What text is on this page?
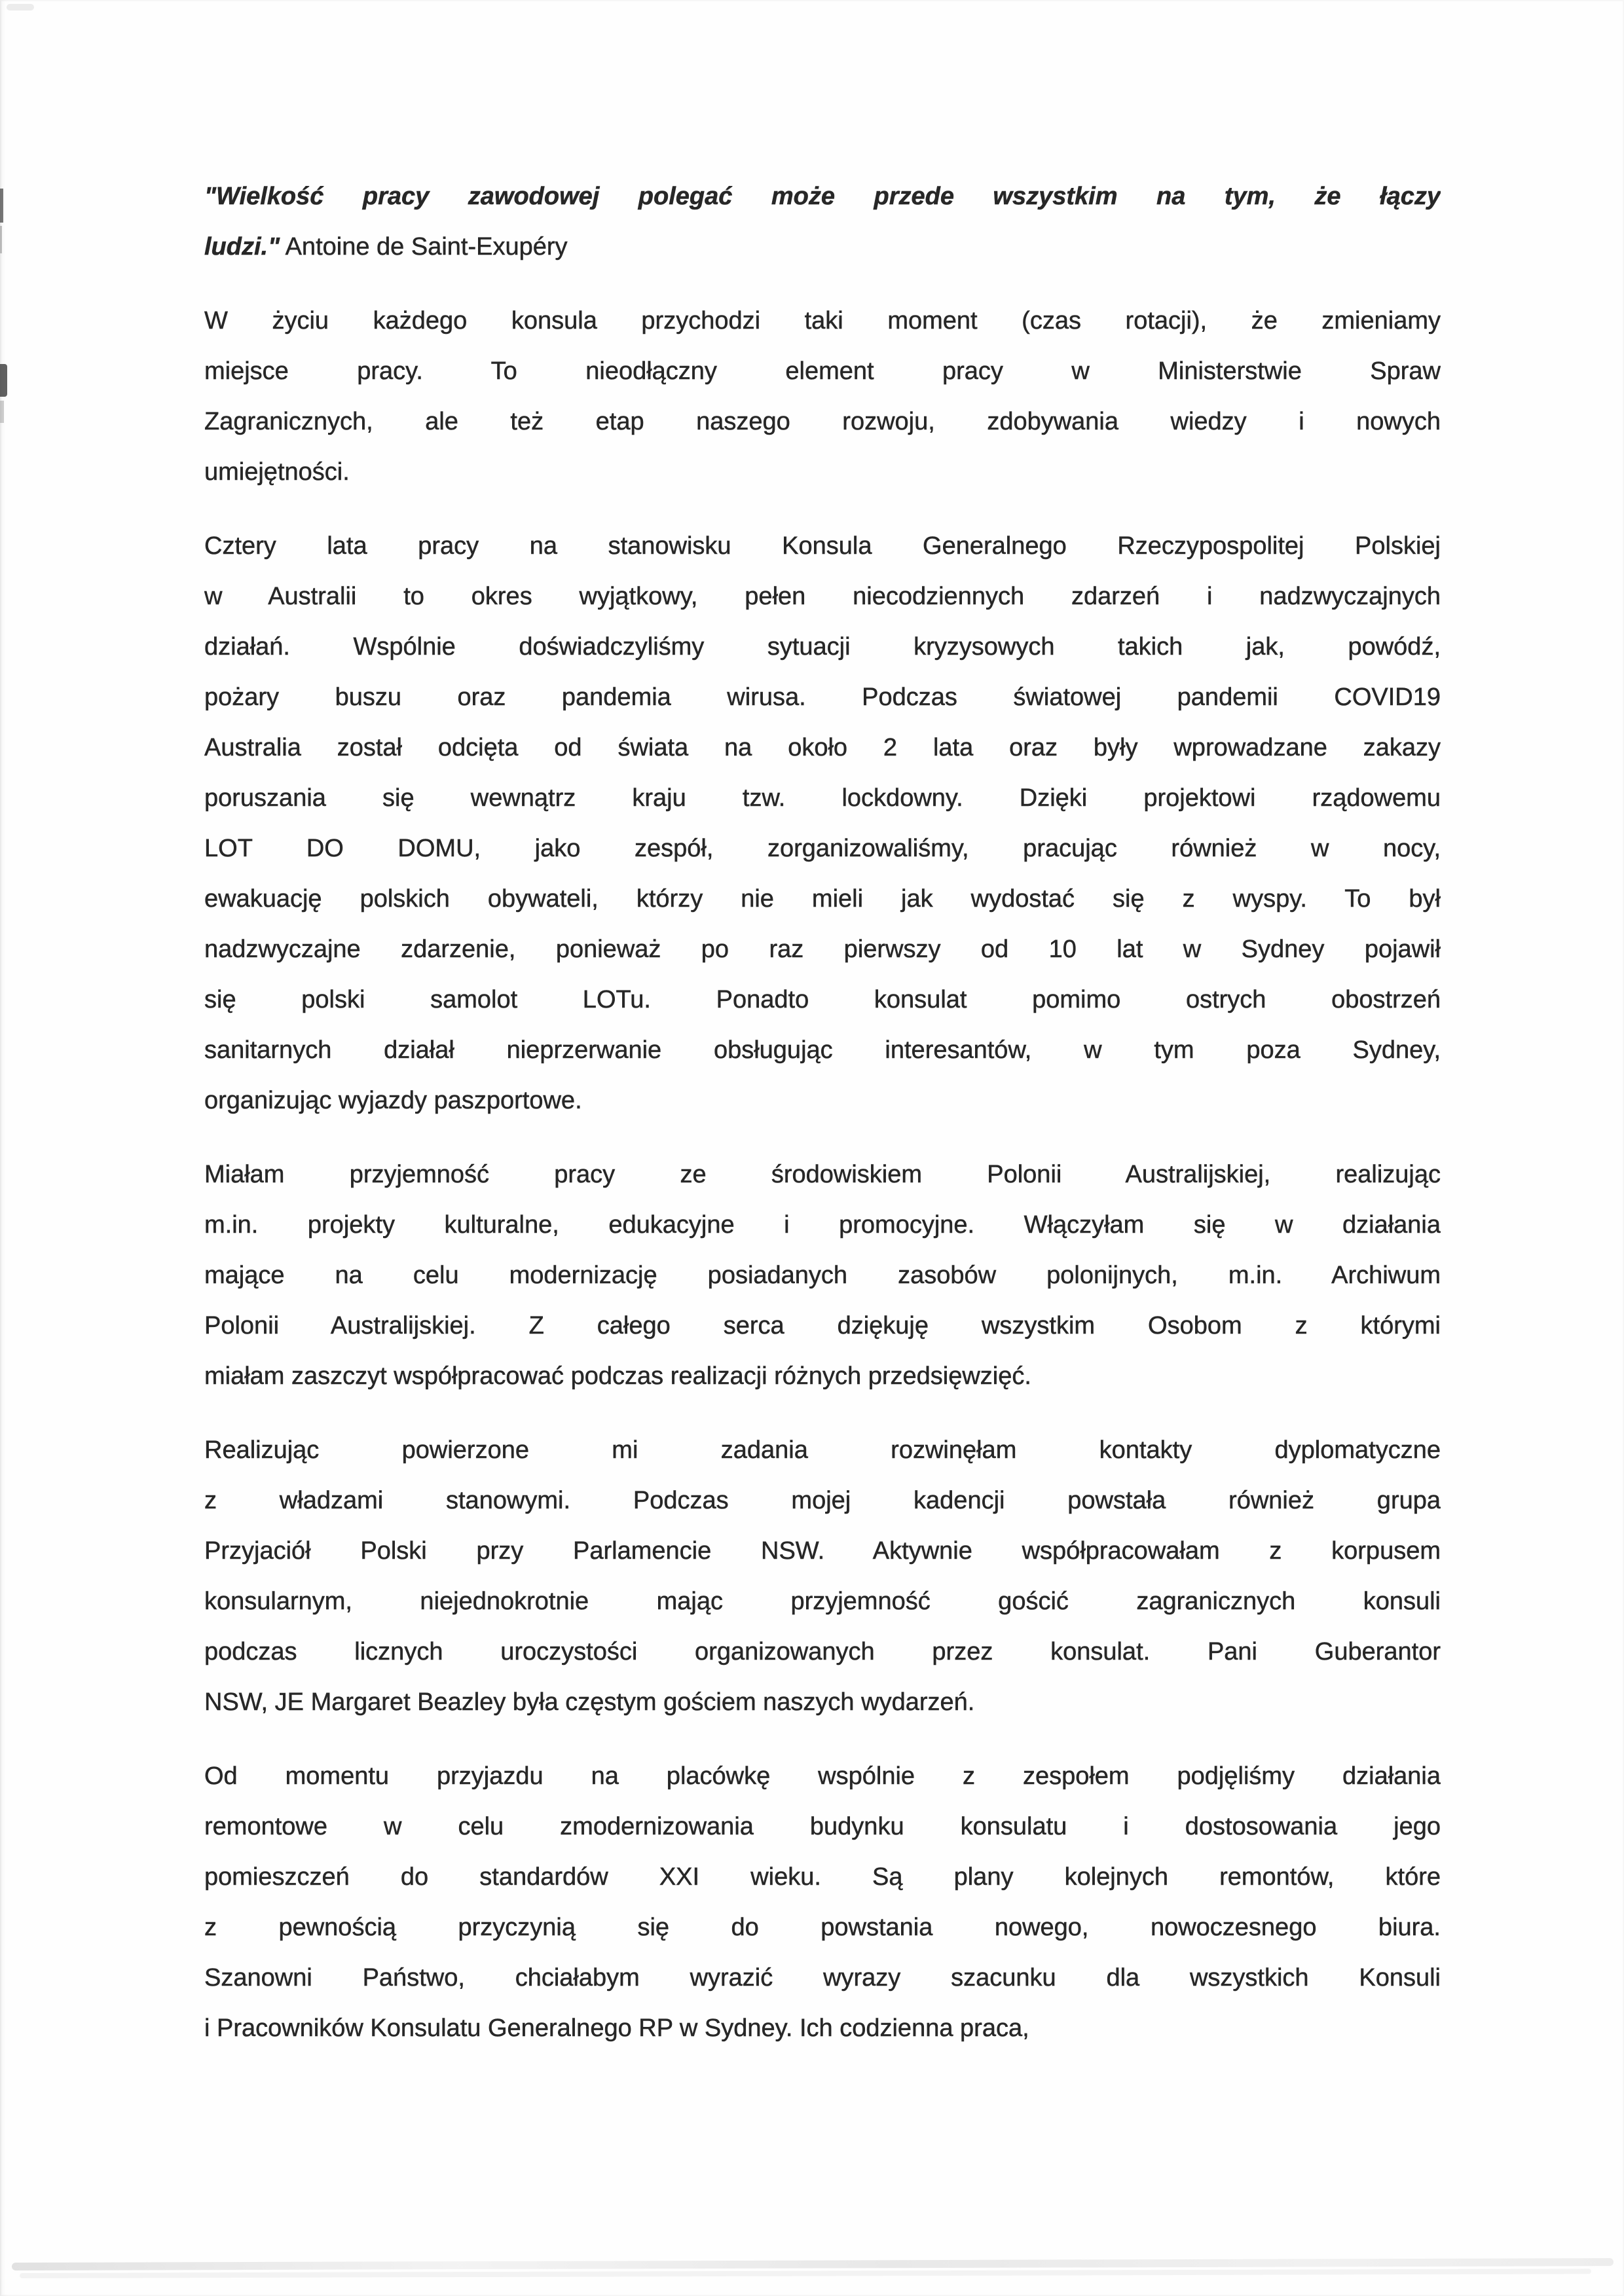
"Wielkość pracy zawodowej polegać może przede wszystkim na tym, że łączy
ludzi." Antoine de Saint-Exupéry
W życiu każdego konsula przychodzi taki moment (czas rotacji), że zmieniamy
miejsce pracy. To nieodłączny element pracy w Ministerstwie Spraw
Zagranicznych, ale też etap naszego rozwoju, zdobywania wiedzy i nowych
umiejętności.
Cztery lata pracy na stanowisku Konsula Generalnego Rzeczypospolitej Polskiej
w Australii to okres wyjątkowy, pełen niecodziennych zdarzeń i nadzwyczajnych
działań. Wspólnie doświadczyliśmy sytuacji kryzysowych takich jak, powódź,
pożary buszu oraz pandemia wirusa. Podczas światowej pandemii COVID19
Australia został odcięta od świata na około 2 lata oraz były wprowadzane zakazy
poruszania się wewnątrz kraju tzw. lockdowny. Dzięki projektowi rządowemu
LOT DO DOMU, jako zespół, zorganizowaliśmy, pracując również w nocy,
ewakuację polskich obywateli, którzy nie mieli jak wydostać się z wyspy. To był
nadzwyczajne zdarzenie, ponieważ po raz pierwszy od 10 lat w Sydney pojawił
się polski samolot LOTu. Ponadto konsulat pomimo ostrych obostrzeń
sanitarnych działał nieprzerwanie obsługując interesantów, w tym poza Sydney,
organizując wyjazdy paszportowe.
Miałam przyjemność pracy ze środowiskiem Polonii Australijskiej, realizując
m.in. projekty kulturalne, edukacyjne i promocyjne. Włączyłam się w działania
mające na celu modernizację posiadanych zasobów polonijnych, m.in. Archiwum
Polonii Australijskiej. Z całego serca dziękuję wszystkim Osobom z którymi
miałam zaszczyt współpracować podczas realizacji różnych przedsięwzięć.
Realizując powierzone mi zadania rozwinęłam kontakty dyplomatyczne
z władzami stanowymi. Podczas mojej kadencji powstała również grupa
Przyjaciół Polski przy Parlamencie NSW. Aktywnie współpracowałam z korpusem
konsularnym, niejednokrotnie mając przyjemność gościć zagranicznych konsuli
podczas licznych uroczystości organizowanych przez konsulat. Pani Guberantor
NSW, JE Margaret Beazley była częstym gościem naszych wydarzeń.
Od momentu przyjazdu na placówkę wspólnie z zespołem podjęliśmy działania
remontowe w celu zmodernizowania budynku konsulatu i dostosowania jego
pomieszczeń do standardów XXI wieku. Są plany kolejnych remontów, które
z pewnością przyczynią się do powstania nowego, nowoczesnego biura.
Szanowni Państwo, chciałabym wyrazić wyrazy szacunku dla wszystkich Konsuli
i Pracowników Konsulatu Generalnego RP w Sydney. Ich codzienna praca,
